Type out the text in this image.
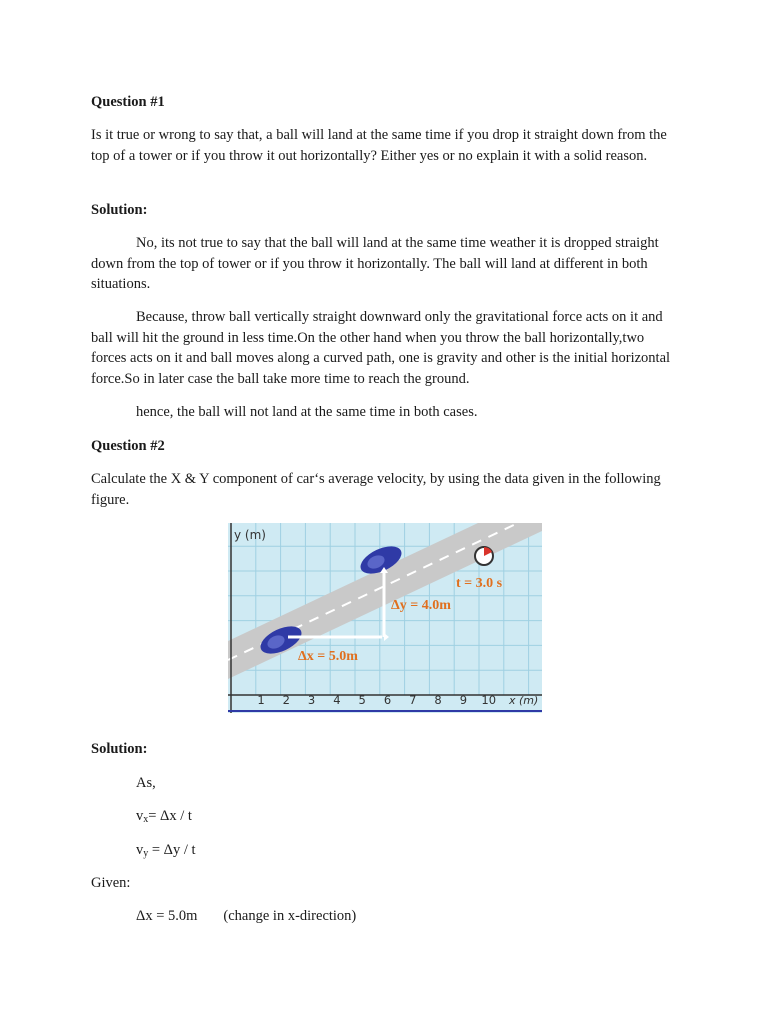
Question #1

Is it true or wrong to say that, a ball will land at the same time if you drop it straight down from the top of a tower or if you throw it out horizontally? Either yes or no explain it with a solid reason.

Solution:

No, its not true to say that the ball will land at the same time weather it is dropped straight down from the top of tower or if you throw it horizontally. The ball will land at different in both situations.

Because, throw ball vertically straight downward only the gravitational force acts on it and ball will hit the ground in less time.On the other hand when you throw the ball horizontally,two forces acts on it and ball moves along a curved path, one is gravity and other is the initial horizontal force.So in later case the ball take more time to reach the ground.

hence, the ball will not land at the same time in both cases.

Question #2

Calculate the X & Y component of car‘s average velocity, by using the data given in the following figure.

y (m)
1 2 3 4 5 6 7 8 9 10 x (m)
t = 3.0 s
Δy = 4.0m
Δx = 5.0m

Solution:

As,

$v_x= \Delta x / t$

$v_y = \Delta y / t$

Given:

Δx = 5.0m (change in x-direction)
